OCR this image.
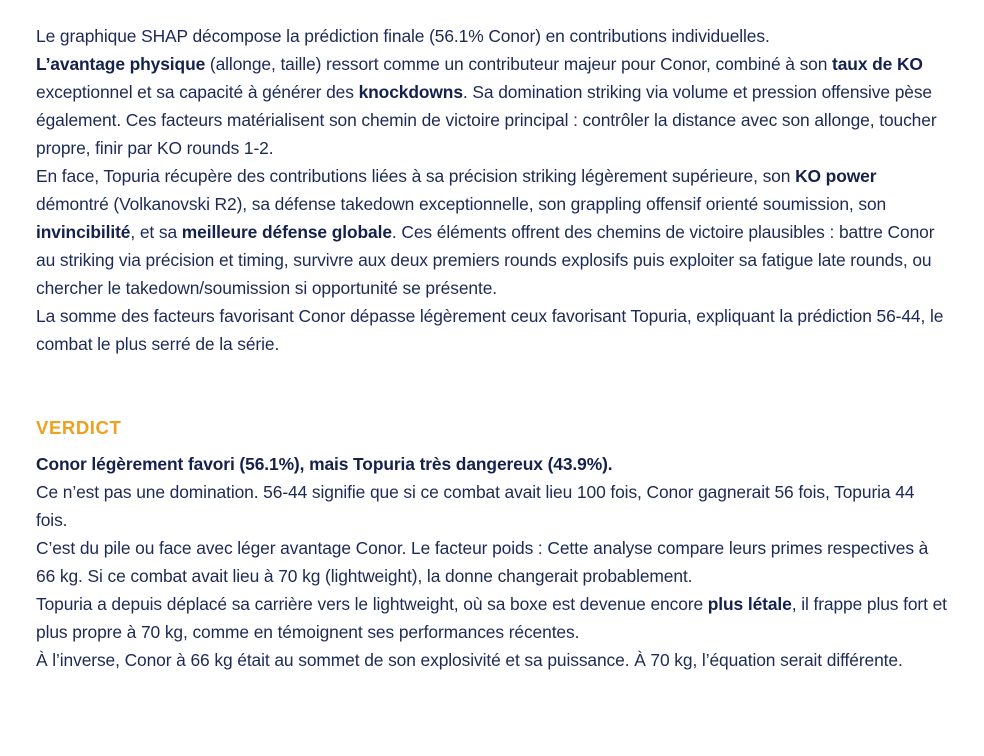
Le graphique SHAP décompose la prédiction finale (56.1% Conor) en contributions individuelles.

L’avantage physique (allonge, taille) ressort comme un contributeur majeur pour Conor, combiné à son taux de KO exceptionnel et sa capacité à générer des knockdowns. Sa domination striking via volume et pression offensive pèse également. Ces facteurs matérialisent son chemin de victoire principal : contrôler la distance avec son allonge, toucher propre, finir par KO rounds 1-2.

En face, Topuria récupère des contributions liées à sa précision striking légèrement supérieure, son KO power démontré (Volkanovski R2), sa défense takedown exceptionnelle, son grappling offensif orienté soumission, son invincibilité, et sa meilleure défense globale. Ces éléments offrent des chemins de victoire plausibles : battre Conor au striking via précision et timing, survivre aux deux premiers rounds explosifs puis exploiter sa fatigue late rounds, ou chercher le takedown/soumission si opportunité se présente.

La somme des facteurs favorisant Conor dépasse légèrement ceux favorisant Topuria, expliquant la prédiction 56-44, le combat le plus serré de la série.

VERDICT

Conor légèrement favori (56.1%), mais Topuria très dangereux (43.9%).

Ce n’est pas une domination. 56-44 signifie que si ce combat avait lieu 100 fois, Conor gagnerait 56 fois, Topuria 44 fois.

C’est du pile ou face avec léger avantage Conor. Le facteur poids : Cette analyse compare leurs primes respectives à 66 kg. Si ce combat avait lieu à 70 kg (lightweight), la donne changerait probablement.

Topuria a depuis déplacé sa carrière vers le lightweight, où sa boxe est devenue encore plus létale, il frappe plus fort et plus propre à 70 kg, comme en témoignent ses performances récentes.

À l’inverse, Conor à 66 kg était au sommet de son explosivité et sa puissance. À 70 kg, l’équation serait différente.
